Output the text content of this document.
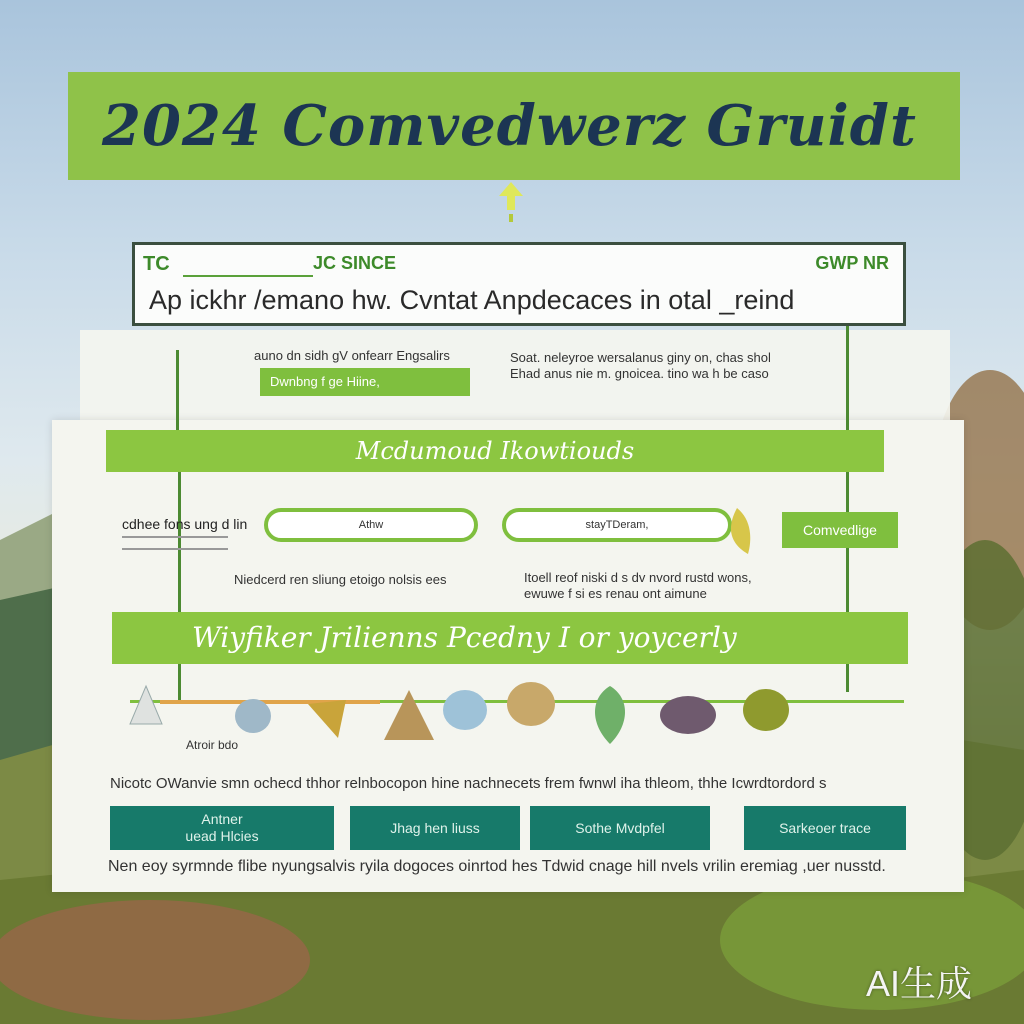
2024 Comvedwerz Gruidt
TC	JC SINCE	GWP NR
Ap ickhr /emano hw. Cvntat Anpdecaces in otal _reind
auno dn sidh gV onfearr Engsalirs
Dwnbng f ge Hiine,
Soat. neleyroe wersalanus giny on, chas shol
Ehad anus nie m. gnoicea. tino wa h be caso
Mcdumoud Ikowtiouds
cdhee fons ung d lin	Athw	stayTDeram,	Comvedlige
Niedcerd ren sliung etoigo nolsis ees	Itoell reof niski d s dv nvord rustd wons,
ewuwe f si es renau ont aimune
Wiyfiker Jrilienns Pcedny I or yoycerly
Atroir bdo
Nicotc OWanvie smn ochecd thhor relnbocopon hine nachnecets frem fwnwl iha thleom, thhe Icwrdtordord s
Antner
uead Hlcies
Jhag hen liuss	Sothe Mvdpfel	Sarkeoer trace
Nen eoy syrmnde flibe nyungsalvis ryila dogoces oinrtod hes Tdwid cnage hill nvels vrilin eremiag ,uer nusstd.
AI生成
